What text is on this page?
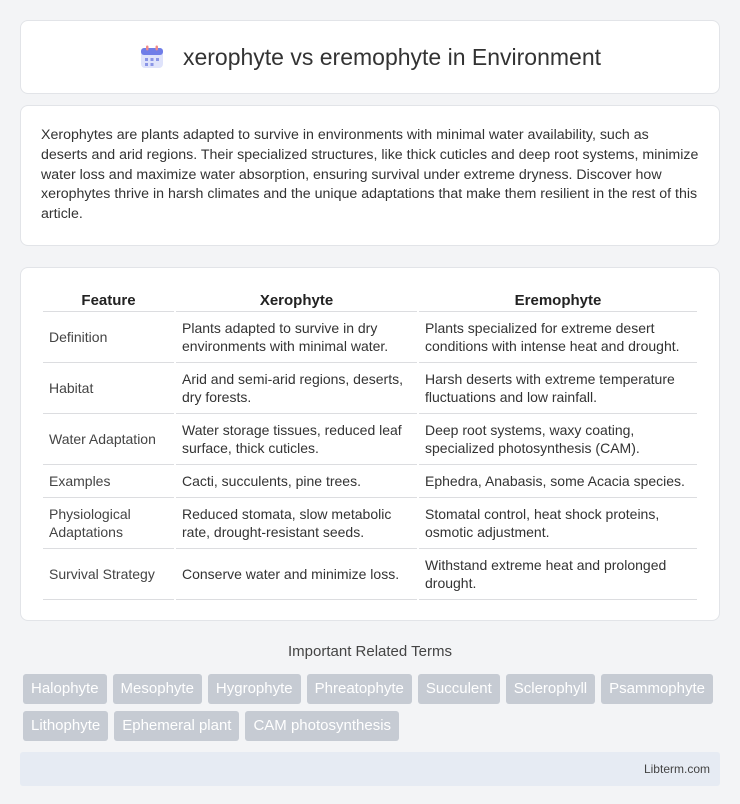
xerophyte vs eremophyte in Environment

Xerophytes are plants adapted to survive in environments with minimal water availability, such as deserts and arid regions. Their specialized structures, like thick cuticles and deep root systems, minimize water loss and maximize water absorption, ensuring survival under extreme dryness. Discover how xerophytes thrive in harsh climates and the unique adaptations that make them resilient in the rest of this article.

Feature	Xerophyte	Eremophyte
Definition	Plants adapted to survive in dry environments with minimal water.	Plants specialized for extreme desert conditions with intense heat and drought.
Habitat	Arid and semi-arid regions, deserts, dry forests.	Harsh deserts with extreme temperature fluctuations and low rainfall.
Water Adaptation	Water storage tissues, reduced leaf surface, thick cuticles.	Deep root systems, waxy coating, specialized photosynthesis (CAM).
Examples	Cacti, succulents, pine trees.	Ephedra, Anabasis, some Acacia species.
Physiological Adaptations	Reduced stomata, slow metabolic rate, drought-resistant seeds.	Stomatal control, heat shock proteins, osmotic adjustment.
Survival Strategy	Conserve water and minimize loss.	Withstand extreme heat and prolonged drought.
Important Related Terms
Halophyte	Mesophyte	Hygrophyte	Phreatophyte	Succulent	Sclerophyll	Psammophyte
Lithophyte	Ephemeral plant	CAM photosynthesis
Libterm.com
